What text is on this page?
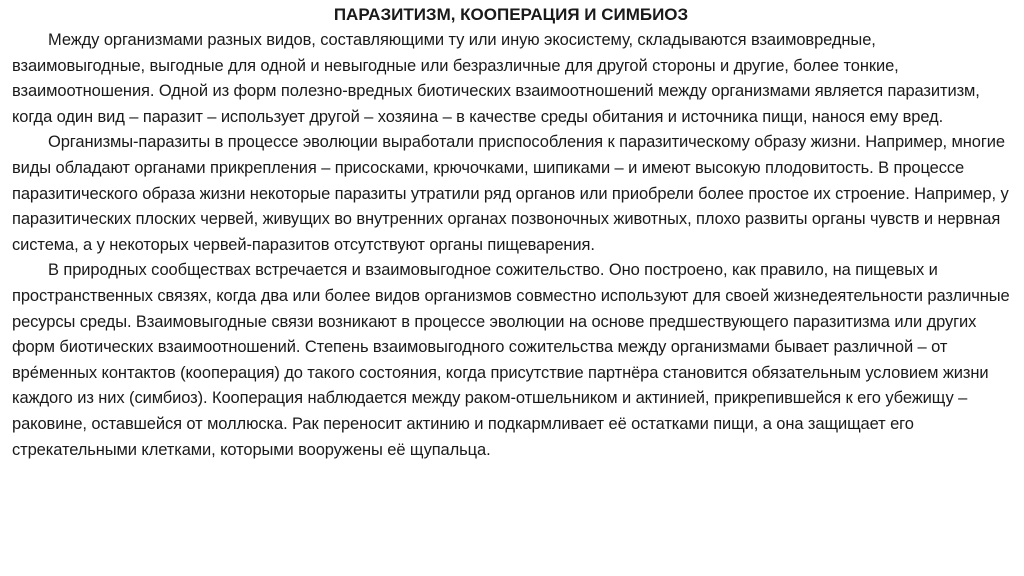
ПАРАЗИТИЗМ, КООПЕРАЦИЯ И СИМБИОЗ

Между организмами разных видов, составляющими ту или иную экосистему, складываются взаимовредные, взаимовыгодные, выгодные для одной и невыгодные или безразличные для другой стороны и другие, более тонкие, взаимоотношения. Одной из форм полезно-вредных биотических взаимоотношений между организмами является паразитизм, когда один вид – паразит – использует другой – хозяина – в качестве среды обитания и источника пищи, нанося ему вред.

Организмы-паразиты в процессе эволюции выработали приспособления к паразитическому образу жизни. Например, многие виды обладают органами прикрепления – присосками, крючочками, шипиками – и имеют высокую плодовитость. В процессе паразитического образа жизни некоторые паразиты утратили ряд органов или приобрели более простое их строение. Например, у паразитических плоских червей, живущих во внутренних органах позвоночных животных, плохо развиты органы чувств и нервная система, а у некоторых червей-паразитов отсутствуют органы пищеварения.

В природных сообществах встречается и взаимовыгодное сожительство. Оно построено, как правило, на пищевых и пространственных связях, когда два или более видов организмов совместно используют для своей жизнедеятельности различные ресурсы среды. Взаимовыгодные связи возникают в процессе эволюции на основе предшествующего паразитизма или других форм биотических взаимоотношений. Степень взаимовыгодного сожительства между организмами бывает различной – от вре́менных контактов (кооперация) до такого состояния, когда присутствие партнёра становится обязательным условием жизни каждого из них (симбиоз). Кооперация наблюдается между раком-отшельником и актинией, прикрепившейся к его убежищу – раковине, оставшейся от моллюска. Рак переносит актинию и подкармливает её остатками пищи, а она защищает его стрекательными клетками, которыми вооружены её щупальца.
